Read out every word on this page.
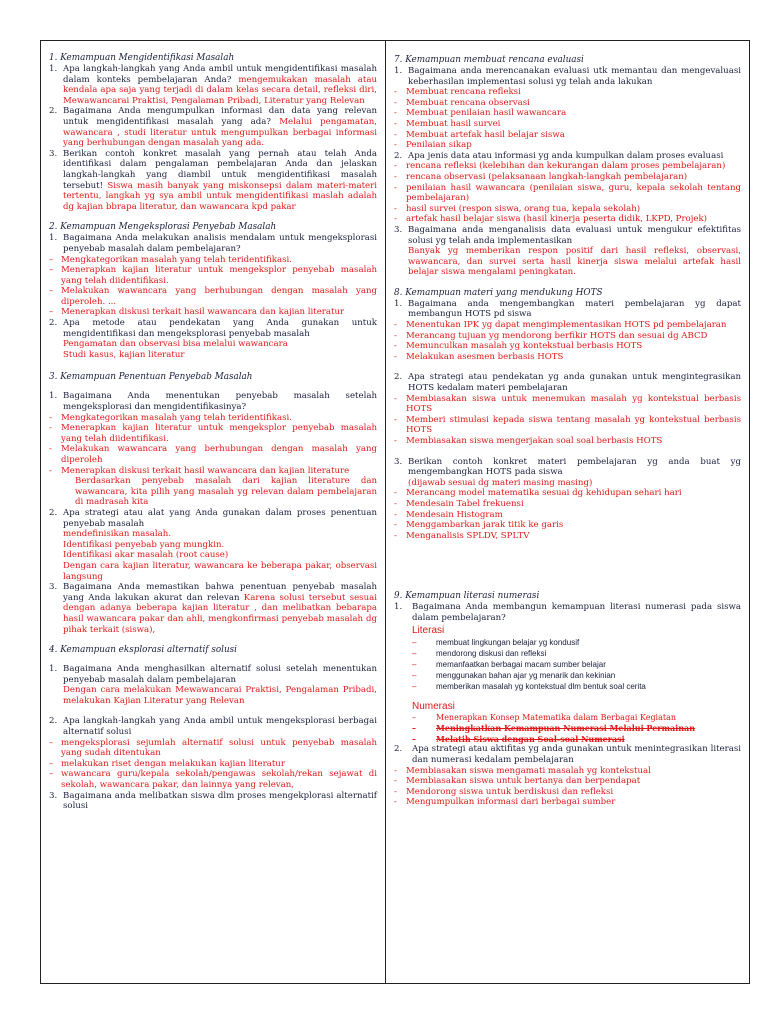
1. Kemampuan Mengidentifikasi Masalah
1. Apa langkah-langkah yang Anda ambil untuk mengidentifikasi masalah dalam konteks pembelajaran Anda? mengemukakan masalah atau kendala apa saja yang terjadi di dalam kelas secara detail, refleksi diri, Mewawancarai Praktisi, Pengalaman Pribadi, Literatur yang Relevan
2. Bagaimana Anda mengumpulkan informasi dan data yang relevan untuk mengidentifikasi masalah yang ada? Melalui pengamatan, wawancara , studi literatur untuk mengumpulkan berbagai informasi yang berhubungan dengan masalah yang ada.
3. Berikan contoh konkret masalah yang pernah atau telah Anda identifikasi dalam pengalaman pembelajaran Anda dan jelaskan langkah-langkah yang diambil untuk mengidentifikasi masalah tersebut! Siswa masih banyak yang miskonsepsi dalam materi-materi tertentu, langkah yg sya ambil untuk mengidentifikasi maslah adalah dg kajian bbrapa literatur, dan wawancara kpd pakar
2. Kemampuan Mengeksplorasi Penyebab Masalah
1. Bagaimana Anda melakukan analisis mendalam untuk mengeksplorasi penyebab masalah dalam pembelajaran?
– Mengkategorikan masalah yang telah teridentifikasi.
– Menerapkan kajian literatur untuk mengeksplor penyebab masalah yang telah diidentifikasi.
– Melakukan wawancara yang berhubungan dengan masalah yang diperoleh. ...
– Menerapkan diskusi terkait hasil wawancara dan kajian literatur
2. Apa metode atau pendekatan yang Anda gunakan untuk mengidentifikasi dan mengeksplorasi penyebab masalah
Pengamatan dan observasi bisa melalui wawancara
Studi kasus, kajian literatur
3. Kemampuan Penentuan Penyebab Masalah
1. Bagaimana Anda menentukan penyebab masalah setelah mengeksplorasi dan mengidentifikasinya?
-	Mengkategorikan masalah yang telah teridentifikasi.
-	Menerapkan kajian literatur untuk mengeksplor penyebab masalah yang telah diidentifikasi.
-	Melakukan wawancara yang berhubungan dengan masalah yang diperoleh
-	Menerapkan diskusi terkait hasil wawancara dan kajian literature
Berdasarkan penyebab masalah dari kajian literature dan wawancara, kita pilih yang masalah yg relevan dalam pembelajaran di madrasah kita
2. Apa strategi atau alat yang Anda gunakan dalam proses penentuan penyebab masalah
mendefinisikan masalah.
Identifikasi penyebab yang mungkin.
Identifikasi akar masalah (root cause)
Dengan cara kajian literatur, wawancara ke beberapa pakar, observasi langsung
3. Bagaimana Anda memastikan bahwa penentuan penyebab masalah yang Anda lakukan akurat dan relevan Karena solusi tersebut sesuai dengan adanya beberapa kajian literatur , dan melibatkan bebarapa hasil wawancara pakar dan ahli, mengkonfirmasi penyebab masalah dg pihak terkait (siswa),
4. Kemampuan eksplorasi alternatif solusi
1. Bagaimana Anda menghasilkan alternatif solusi setelah menentukan penyebab masalah dalam pembelajaran
Dengan cara melakukan Mewawancarai Praktisi, Pengalaman Pribadi, melakukan Kajian Literatur yang Relevan
2. Apa langkah-langkah yang Anda ambil untuk mengeksplorasi berbagai alternatif solusi
– mengeksplorasi sejumlah alternatif solusi untuk penyebab masalah yang sudah ditentukan
– melakukan riset dengan melakukan kajian literatur
– wawancara guru/kepala sekolah/pengawas sekolah/rekan sejawat di sekolah, wawancara pakar, dan lainnya yang relevan,
3. Bagaimana anda melibatkan siswa dlm proses mengekplorasi alternatif solusi
7. Kemampuan membuat rencana evaluasi
1. Bagaimana anda merencanakan evaluasi utk memantau dan mengevaluasi keberhasilan implementasi solusi yg telah anda lakukan
-	Membuat rencana refleksi
-	Membuat rencana observasi
-	Membuat penilaian hasil wawancara
-	Membuat hasil survei
-	Membuat artefak hasil belajar siswa
-	Penilaian sikap
2. Apa jenis data atau informasi yg anda kumpulkan dalam proses evaluasi
-	rencana refleksi (kelebihan dan kekurangan dalam proses pembelajaran)
-	rencana observasi (pelaksanaan langkah-langkah pembelajaran)
-	penilaian hasil wawancara (penilaian siswa, guru, kepala sekolah tentang pembelajaran)
-	hasil survei (respon siswa, orang tua, kepala sekolah)
-	artefak hasil belajar siswa (hasil kinerja peserta didik, LKPD, Projek)
3. Bagaimana anda menganalisis data evaluasi untuk mengukur efektifitas solusi yg telah anda implementasikan
Banyak yg memberikan respon positif dari hasil refleksi, observasi, wawancara, dan survei serta hasil kinerja siswa melalui artefak hasil belajar siswa mengalami peningkatan.
8. Kemampuan materi yang mendukung HOTS
1. Bagaimana anda mengembangkan materi pembelajaran yg dapat membangun HOTS pd siswa
-	Menentukan IPK yg dapat mengimplementasikan HOTS pd pembelajaran
-	Merancang tujuan yg mendorong berfikir HOTS dan sesuai dg ABCD
-	Memunculkan masalah yg kontekstual berbasis HOTS
-	Melakukan asesmen berbasis HOTS
2. Apa strategi atau pendekatan yg anda gunakan untuk mengintegrasikan HOTS kedalam materi pembelajaran
-	Membiasakan siswa untuk menemukan masalah yg kontekstual berbasis HOTS
-	Memberi stimulasi kepada siswa tentang masalah yg kontekstual berbasis HOTS
-	Membiasakan siswa mengerjakan soal soal berbasis HOTS
3. Berikan contoh konkret materi pembelajaran yg anda buat yg mengembangkan HOTS pada siswa
(dijawab sesuai dg materi masing masing)
-	Merancang model matematika sesuai dg kehidupan sehari hari
-	Mendesain Tabel frekuensi
-	Mendesain Histogram
-	Menggambarkan jarak titik ke garis
-	Menganalisis SPLDV, SPLTV
9. Kemampuan literasi numerasi
1.	Bagaimana Anda membangun kemampuan literasi numerasi pada siswa dalam pembelajaran?
Literasi
–	membuat lingkungan belajar yg kondusif
–	mendorong diskusi dan refleksi
–	memanfaatkan berbagai macam sumber belajar
–	menggunakan bahan ajar yg menarik dan kekinian
–	memberikan masalah yg kontekstual dlm bentuk soal cerita
Numerasi
–	Menerapkan Konsep Matematika dalam Berbagai Kegiatan
–	Meningkatkan Kemampuan Numerasi Melalui Permainan
–	Melatih Siswa dengan Soal-soal Numerasi
2.	Apa strategi atau aktifitas yg anda gunakan untuk menintegrasikan literasi dan numerasi kedalam pembelajaran
-	Membiasakan siswa mengamati masalah yg kontekstual
-	Membiasakan siswa untuk bertanya dan berpendapat
-	Mendorong siswa untuk berdiskusi dan refleksi
-	Mengumpulkan informasi dari berbagai sumber
